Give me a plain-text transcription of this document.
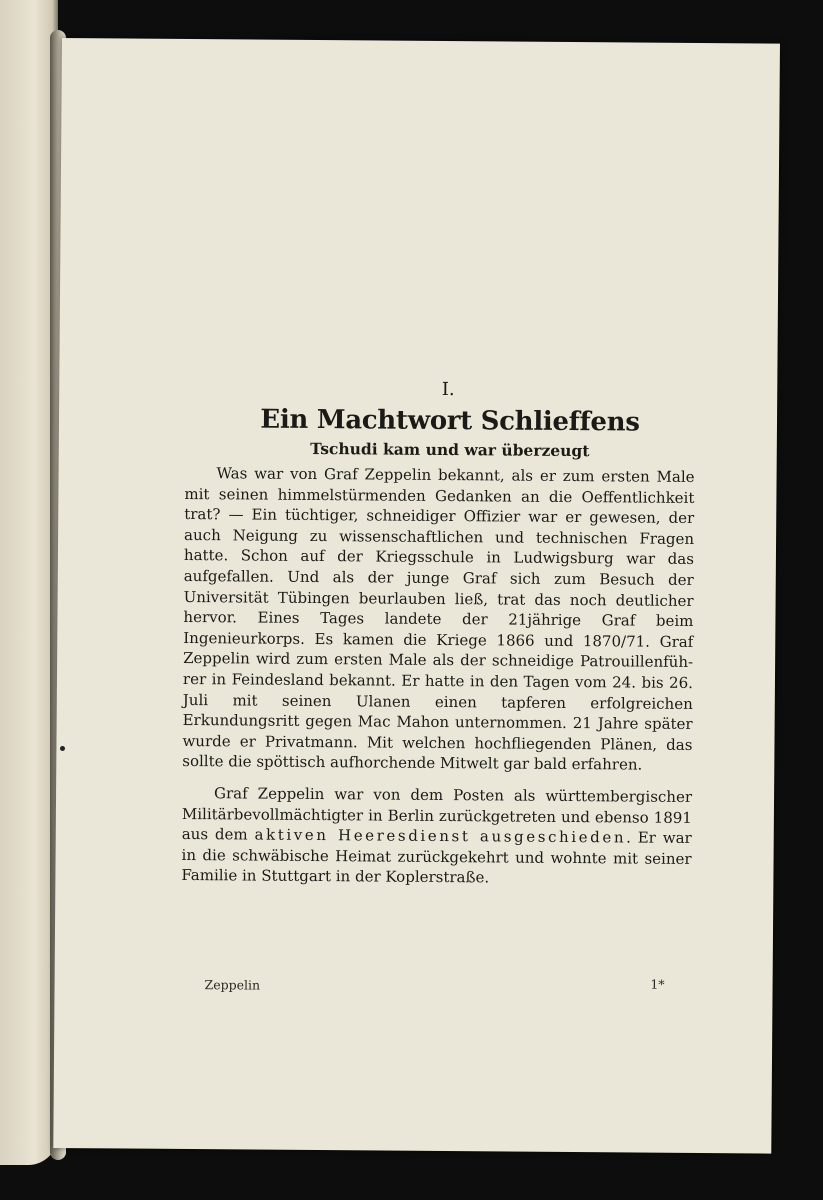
I.
Ein Machtwort Schlieffens
Tschudi kam und war überzeugt

Was war von Graf Zeppelin bekannt, als er zum ersten Male mit seinen himmelstürmenden Gedanken an die Oeffentlichkeit trat? — Ein tüchtiger, schneidiger Offizier war er gewesen, der auch Neigung zu wissenschaftlichen und technischen Fragen hatte. Schon auf der Kriegsschule in Ludwigsburg war das aufgefallen. Und als der junge Graf sich zum Besuch der Universität Tübingen beurlauben ließ, trat das noch deutlicher hervor. Eines Tages landete der 21jährige Graf beim Ingenieurkorps. Es kamen die Kriege 1866 und 1870/71. Graf Zeppelin wird zum ersten Male als der schneidige Patrouillenführer in Feindesland bekannt. Er hatte in den Tagen vom 24. bis 26. Juli mit seinen Ulanen einen tapferen erfolgreichen Erkundungsritt gegen Mac Mahon unternommen. 21 Jahre später wurde er Privatmann. Mit welchen hochfliegenden Plänen, das sollte die spöttisch aufhorchende Mitwelt gar bald erfahren.

Graf Zeppelin war von dem Posten als württembergischer Militärbevollmächtigter in Berlin zurückgetreten und ebenso 1891 aus dem aktiven Heeresdienst ausgeschieden. Er war in die schwäbische Heimat zurückgekehrt und wohnte mit seiner Familie in Stuttgart in der Koplerstraße.

Zeppelin	1*
